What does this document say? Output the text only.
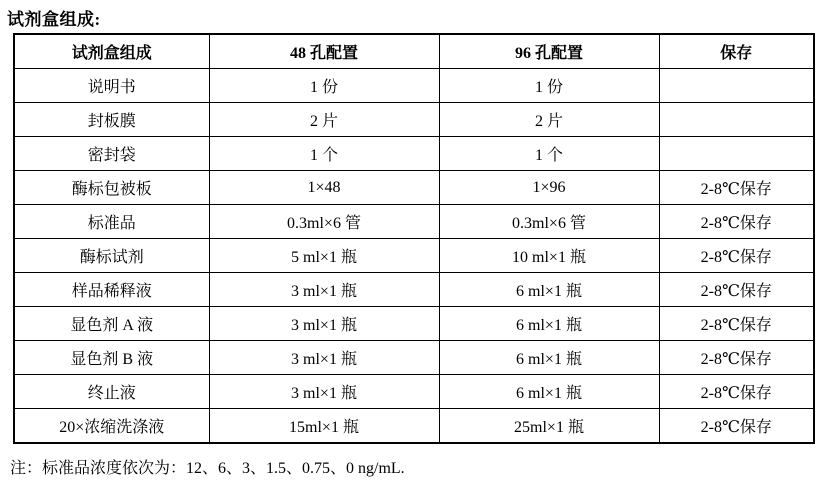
试剂盒组成:
试剂盒组成	48 孔配置	96 孔配置	保存
说明书	1 份	1 份	
封板膜	2 片	2 片	
密封袋	1 个	1 个	
酶标包被板	1×48	1×96	2-8℃保存
标准品	0.3ml×6 管	0.3ml×6 管	2-8℃保存
酶标试剂	5 ml×1 瓶	10 ml×1 瓶	2-8℃保存
样品稀释液	3 ml×1 瓶	6 ml×1 瓶	2-8℃保存
显色剂 A 液	3 ml×1 瓶	6 ml×1 瓶	2-8℃保存
显色剂 B 液	3 ml×1 瓶	6 ml×1 瓶	2-8℃保存
终止液	3 ml×1 瓶	6 ml×1 瓶	2-8℃保存
20×浓缩洗涤液	15ml×1 瓶	25ml×1 瓶	2-8℃保存
注：标准品浓度依次为：12、6、3、1.5、0.75、0 ng/mL.
